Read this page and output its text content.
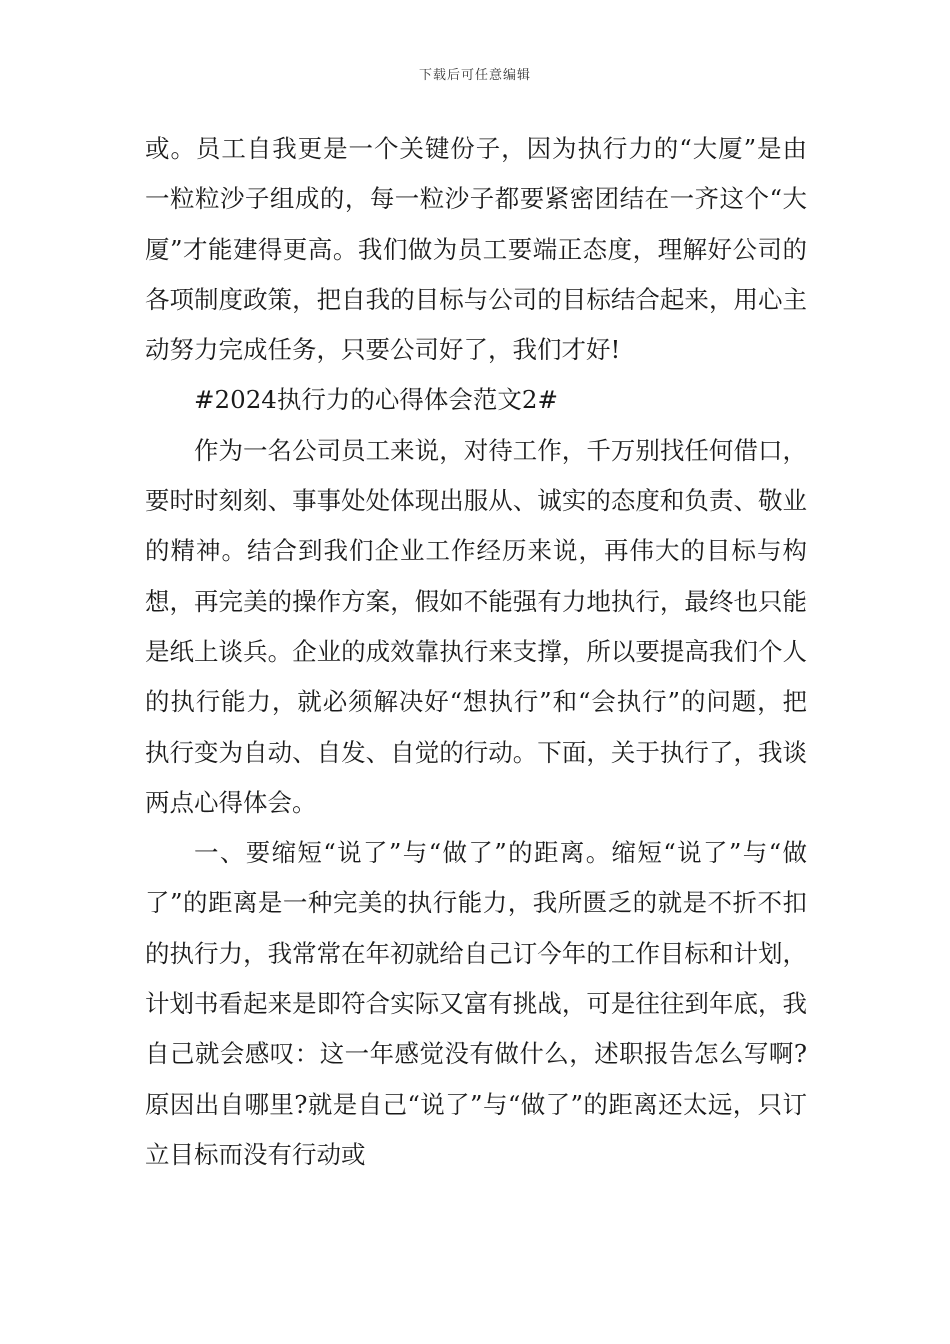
下载后可任意编辑

或。员工自我更是一个关键份子，因为执行力的“大厦”是由一粒粒沙子组成的，每一粒沙子都要紧密团结在一齐这个“大厦”才能建得更高。我们做为员工要端正态度，理解好公司的各项制度政策，把自我的目标与公司的目标结合起来，用心主动努力完成任务，只要公司好了，我们才好!

#2024执行力的心得体会范文2#

作为一名公司员工来说，对待工作，千万别找任何借口，要时时刻刻、事事处处体现出服从、诚实的态度和负责、敬业的精神。结合到我们企业工作经历来说，再伟大的目标与构想，再完美的操作方案，假如不能强有力地执行，最终也只能是纸上谈兵。企业的成效靠执行来支撑，所以要提高我们个人的执行能力，就必须解决好“想执行”和“会执行”的问题，把执行变为自动、自发、自觉的行动。下面，关于执行了，我谈两点心得体会。

一、要缩短“说了”与“做了”的距离。缩短“说了”与“做了”的距离是一种完美的执行能力，我所匮乏的就是不折不扣的执行力，我常常在年初就给自己订今年的工作目标和计划，计划书看起来是即符合实际又富有挑战，可是往往到年底，我自己就会感叹：这一年感觉没有做什么，述职报告怎么写啊?原因出自哪里?就是自己“说了”与“做了”的距离还太远，只订立目标而没有行动或
